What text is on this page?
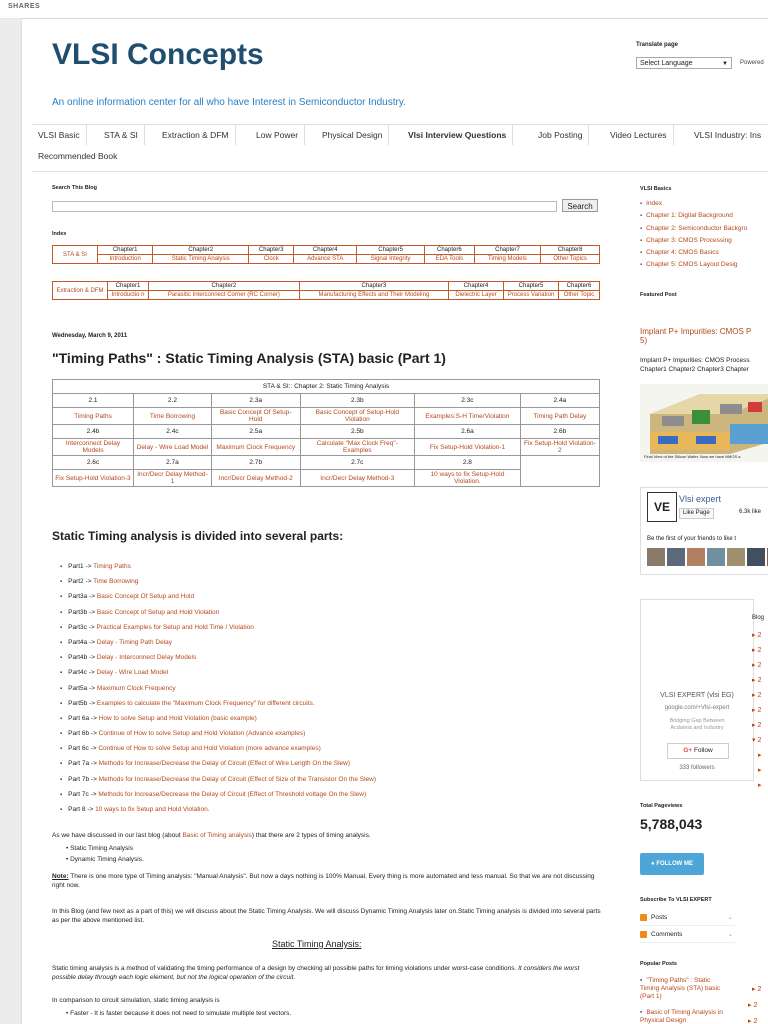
SHARES
VLSI Concepts
An online information center for all who have Interest in Semiconductor Industry.
Translate page
Select Language	▼ Powered
VLSI Basic	STA & SI	Extraction & DFM	Low Power	Physical Design	Vlsi Interview Questions	Job Posting	Video Lectures	VLSI Industry: Ins
Recommended Book
Search This Blog
Search
Index
STA & SI	Chapter1	Chapter2	Chapter3	Chapter4	Chapter5	Chapter6	Chapter7	Chapter8
	Introduction	Static Timing Analysis	Clock	Advance STA	Signal Integrity	EDA Tools	Timing Models	Other Topics
Extraction & DFM	Chapter1	Chapter2	Chapter3	Chapter4	Chapter5	Chapter6
	Introductio n	Parasitic Interconnect Corner (RC Corner)	Manufacturing Effects and Their Modeling	Dielectric Layer	Process Variation	Other Topic
Wednesday, March 9, 2011
"Timing Paths" : Static Timing Analysis (STA) basic (Part 1)
STA & SI:: Chapter 2: Static Timing Analysis					
2.1	2.2	2.3a	2.3b	2.3c	2.4a
Timing Paths	Time Borrowing	Basic Concept Of Setup-Hold	Basic Concept of Setup-Hold Violation	Examples:S-H Time/Violation	Timing Path Delay
2.4b	2.4c	2.5a	2.5b	2.6a	2.6b
Interconnect Delay Models	Delay - Wire Load Model	Maximum Clock Frequency	Calculate "Max Clock Freq"- Examples	Fix Setup-Hold Violation-1	Fix Setup-Hold Violation-2
2.6c	2.7a	2.7b	2.7c	2.8	
Fix Setup-Hold Violation-3	Incr/Decr Delay Method-1	Incr/Decr Delay Method-2	Incr/Decr Delay Method-3	10 ways to fix Setup-Hold Violation.	
Static Timing analysis is divided into several parts:
▪ Part1 -> Timing Paths
▪ Part2 -> Time Borrowing
▪ Part3a -> Basic Concept Of Setup and Hold
▪ Part3b -> Basic Concept of Setup and Hold Violation
▪ Part3c -> Practical Examples for Setup and Hold Time / Violation
▪ Part4a -> Delay - Timing Path Delay
▪ Part4b -> Delay - Interconnect Delay Models
▪ Part4c -> Delay - Wire Load Model
▪ Part5a -> Maximum Clock Frequency
▪ Part5b -> Examples to calculate the "Maximum Clock Frequency" for different circuits.
▪ Part 6a -> How to solve Setup and Hold Violation (basic example)
▪ Part 6b -> Continue of How to solve Setup and Hold Violation (Advance examples)
▪ Part 6c -> Continue of How to solve Setup and Hold Violation (more advance examples)
▪ Part 7a -> Methods for Increase/Decrease the Delay of Circuit (Effect of Wire Length On the Slew)
▪ Part 7b -> Methods for Increase/Decrease the Delay of Circuit (Effect of Size of the Transistor On the Slew)
▪ Part 7c -> Methods for Increase/Decrease the Delay of Circuit (Effect of Threshold voltage On the Slew)
▪ Part 8 -> 10 ways to fix Setup and Hold Violation.
As we have discussed in our last blog (about Basic of Timing analysis) that there are 2 types of timing analysis.
• Static Timing Analysis
• Dynamic Timing Analysis.
Note: There is one more type of Timing analysis: "Manual Analysis". But now a days nothing is 100% Manual. Every thing is more automated and less manual. So that we are not discussing right now.
In this Blog (and few next as a part of this) we will discuss about the Static Timing Analysis. We will discuss Dynamic Timing Analysis later on.Static Timing analysis is divided into several parts as per the above mentioned list.
Static Timing Analysis:
Static timing analysis is a method of validating the timing performance of a design by checking all possible paths for timing violations under worst-case conditions. It considers the worst possible delay through each logic element, but not the logical operation of the circuit.
In comparison to circuit simulation, static timing analysis is
• Faster - It is faster because it does not need to simulate multiple test vectors.
VLSI Basics
▪ Index
▪ Chapter 1: Digital Background
▪ Chapter 2: Semiconductor Backgro
▪ Chapter 3: CMOS Processing
▪ Chapter 4: CMOS Basics
▪ Chapter 5: CMOS Layout Desig
Featured Post
Implant P+ Impurities: CMOS P
5)
Implant P+ Impurities: CMOS Process
Chapter1 Chapter2 Chapter3 Chapter
Final View of the Silicon Wafer. Now we have NMOS a
VE
Vlsi expert
Like Page	6.3k like
Be the first of your friends to like t
VLSI EXPERT (vlsi EG)
google.com/+Vlsi-expert
Bridging Gap Between Acdamia and Industry
G+ Follow
333 followers
Blog
▸ 2
▸ 2
▸ 2
▸ 2
▸ 2
▸ 2
▸ 2
▾ 2
▸
▸
▸
Total Pageviews
5,788,043
● FOLLOW ME
Subscribe To VLSI EXPERT
Posts	⌄
Comments	⌄
Popular Posts
▪ "Timing Paths" : Static Timing Analysis (STA) basic (Part 1)
▪ Basic of Timing Analysis in Physical Design
▸ 2
▸ 2
▸ 2
